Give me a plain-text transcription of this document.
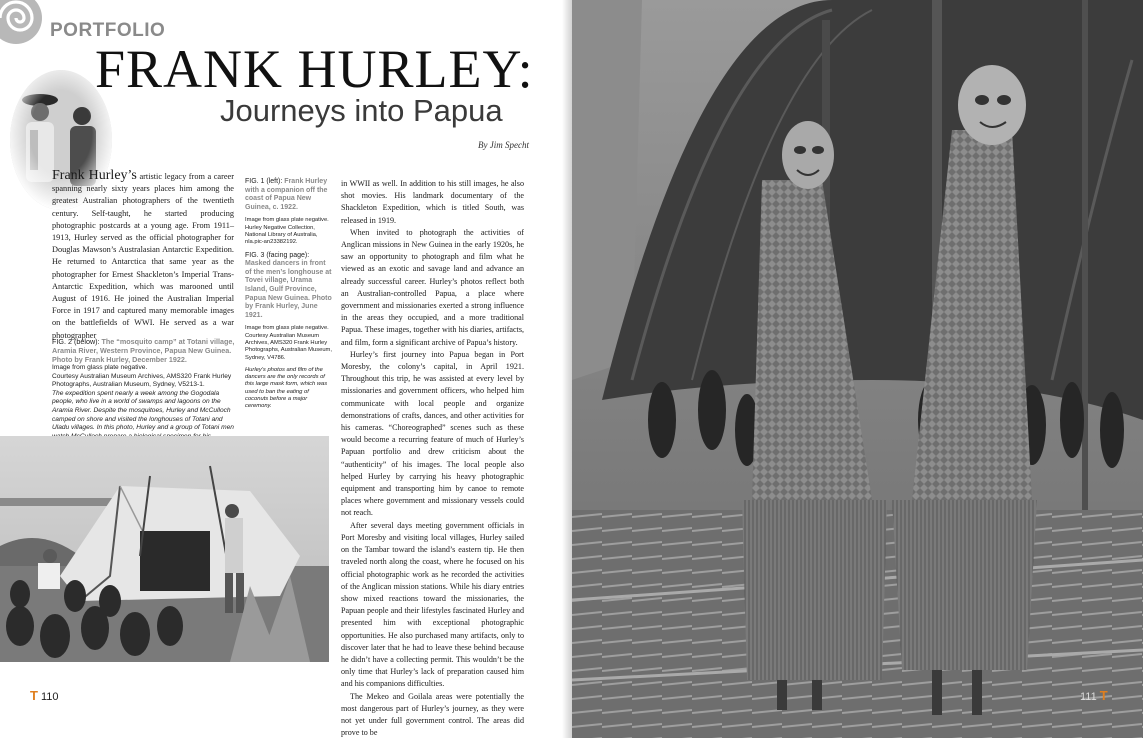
PORTFOLIO
FRANK HURLEY:
Journeys into Papua
By Jim Specht

Frank Hurley’s artistic legacy from a career spanning nearly sixty years places him among the greatest Australian photographers of the twentieth century. Self-taught, he started producing photographic postcards at a young age. From 1911–1913, Hurley served as the official photographer for Douglas Mawson’s Australasian Antarctic Expedition. He returned to Antarctica that same year as the photographer for Ernest Shackleton’s Imperial Trans-Antarctic Expedition, which was marooned until August of 1916. He joined the Australian Imperial Force in 1917 and captured many memorable images on the battlefields of WWI. He served as a war photographer

FIG. 2 (below): The “mosquito camp” at Totani village, Aramia River, Western Province, Papua New Guinea. Photo by Frank Hurley, December 1922.

Image from glass plate negative.

Courtesy Australian Museum Archives, AMS320 Frank Hurley Photographs, Australian Museum, Sydney, V5213-1.

The expedition spent nearly a week among the Gogodala people, who live in a world of swamps and lagoons on the Aramia River. Despite the mosquitoes, Hurley and McCulloch camped on shore and visited the longhouses of Totani and Uladu villages. In this photo, Hurley and a group of Totani men

FIG. 1 (left): Frank Hurley with a companion off the coast of Papua New Guinea, c. 1922.

Image from glass plate negative. Hurley Negative Collection, National Library of Australia, nla.pic-an23382192.

FIG. 3 (facing page): Masked dancers in front of the men’s longhouse at Tovei village, Urama Island, Gulf Province, Papua New Guinea. Photo by Frank Hurley, June 1921.

Image from glass plate negative. Courtesy Australian Museum Archives, AMS320 Frank Hurley Photographs, Australian Museum, Sydney, V4786.

Hurley’s photos and film of the dancers are the only records of this large mask form, which was used to ban the eating of coconuts before a major ceremony.

in WWII as well. In addition to his still images, he also shot movies. His landmark documentary of the Shackleton Expedition, which is titled South, was released in 1919.

When invited to photograph the activities of Anglican missions in New Guinea in the early 1920s, he saw an opportunity to photograph and film what he viewed as an exotic and savage land and advance an already successful career. Hurley’s photos reflect both an Australian-controlled Papua, a place where government and missionaries exerted a strong influence in the areas they occupied, and a more traditional Papua. These images, together with his diaries, artifacts, and film, form a significant archive of Papua’s history.

Hurley’s first journey into Papua began in Port Moresby, the colony’s capital, in April 1921. Throughout this trip, he was assisted at every level by missionaries and government officers, who helped him communicate with local people and organize demonstrations of crafts, dances, and other activities for his cameras. “Choreographed” scenes such as these would become a recurring feature of much of Hurley’s Papuan portfolio and drew criticism about the “authenticity” of his images. The local people also helped Hurley by carrying his heavy photographic equipment and transporting him by canoe to remote places where government and missionary vessels could not reach.

After several days meeting government officials in Port Moresby and visiting local villages, Hurley sailed on the Tambar toward the island’s eastern tip. He then traveled north along the coast, where he focused on his official photographic work as he recorded the activities of the Anglican mission stations. While his diary entries show mixed reactions toward the missionaries, the Papuan people and their lifestyles fascinated Hurley and presented him with exceptional photographic opportunities. He also purchased many artifacts, only to discover later that he had to leave these behind because he didn’t have a collecting permit. This wouldn’t be the only time that Hurley’s lack of preparation caused him and his companions difficulties.

The Mekeo and Goilala areas were potentially the most dangerous part of Hurley’s journey, as they were not yet under full government control. The areas did prove to be

T 110	111 T
